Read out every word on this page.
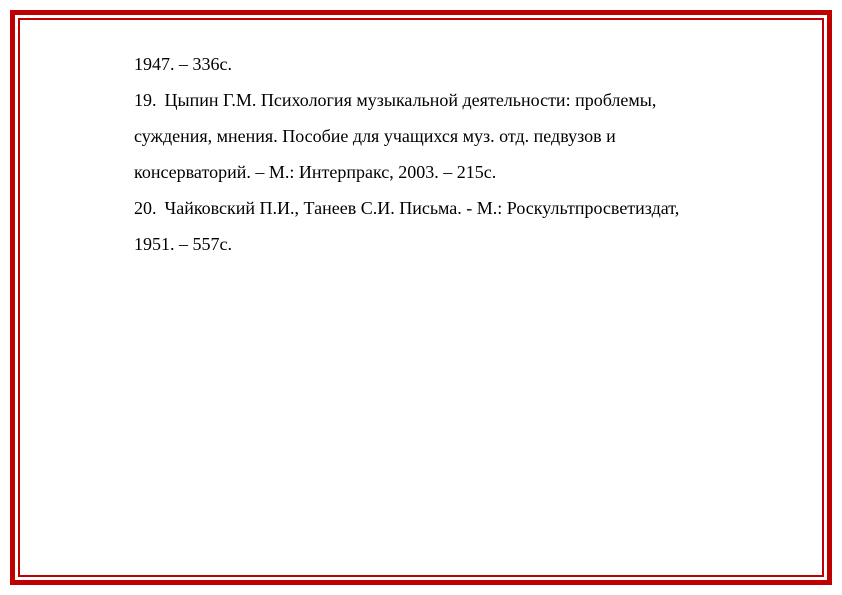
1947. – 336с.
19. Цыпин Г.М. Психология музыкальной деятельности: проблемы,
суждения, мнения. Пособие для учащихся муз. отд. педвузов и
консерваторий. – М.: Интерпракс, 2003. – 215с.
20. Чайковский П.И., Танеев С.И. Письма. - М.: Роскультпросветиздат,
1951. – 557с.
